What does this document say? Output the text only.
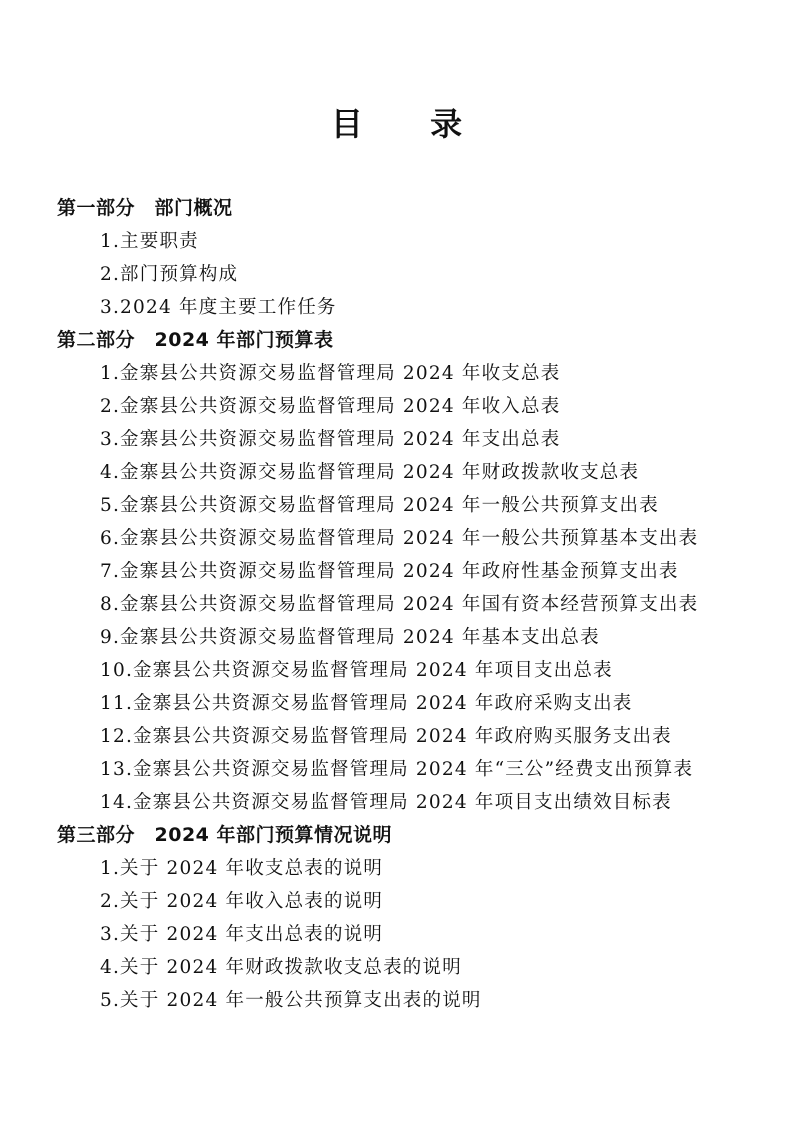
目 录
第一部分　部门概况
1.主要职责
2.部门预算构成
3.2024 年度主要工作任务
第二部分　2024 年部门预算表
1.金寨县公共资源交易监督管理局 2024 年收支总表
2.金寨县公共资源交易监督管理局 2024 年收入总表
3.金寨县公共资源交易监督管理局 2024 年支出总表
4.金寨县公共资源交易监督管理局 2024 年财政拨款收支总表
5.金寨县公共资源交易监督管理局 2024 年一般公共预算支出表
6.金寨县公共资源交易监督管理局 2024 年一般公共预算基本支出表
7.金寨县公共资源交易监督管理局 2024 年政府性基金预算支出表
8.金寨县公共资源交易监督管理局 2024 年国有资本经营预算支出表
9.金寨县公共资源交易监督管理局 2024 年基本支出总表
10.金寨县公共资源交易监督管理局 2024 年项目支出总表
11.金寨县公共资源交易监督管理局 2024 年政府采购支出表
12.金寨县公共资源交易监督管理局 2024 年政府购买服务支出表
13.金寨县公共资源交易监督管理局 2024 年“三公”经费支出预算表
14.金寨县公共资源交易监督管理局 2024 年项目支出绩效目标表
第三部分　2024 年部门预算情况说明
1.关于 2024 年收支总表的说明
2.关于 2024 年收入总表的说明
3.关于 2024 年支出总表的说明
4.关于 2024 年财政拨款收支总表的说明
5.关于 2024 年一般公共预算支出表的说明
